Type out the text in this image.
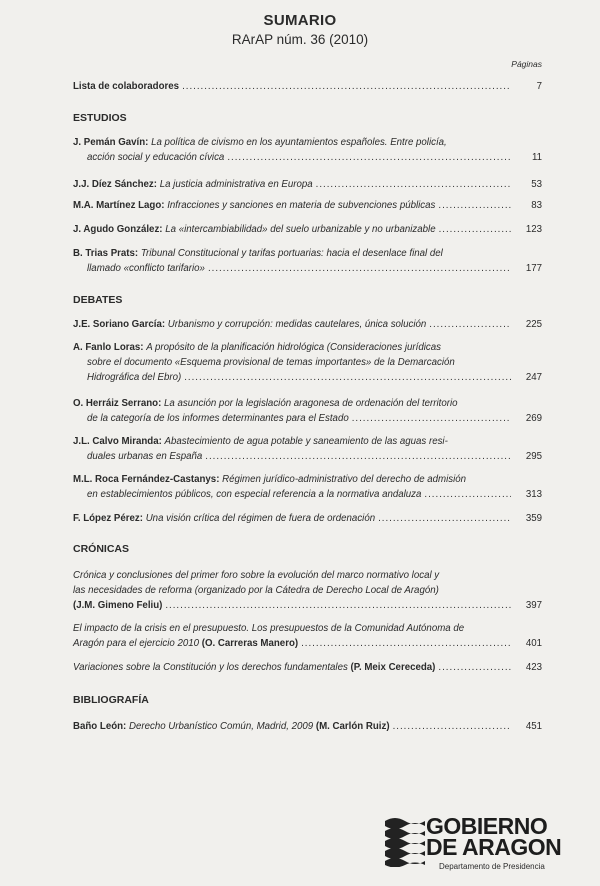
SUMARIO
RArAP núm. 36 (2010)
Páginas
Lista de colaboradores .....	7
ESTUDIOS
J. Pemán Gavín: La política de civismo en los ayuntamientos españoles. Entre policía,
acción social y educación cívica .....	11
J.J. Díez Sánchez: La justicia administrativa en Europa .....	53
M.A. Martínez Lago: Infracciones y sanciones en materia de subvenciones públicas .....	83
J. Agudo González: La «intercambiabilidad» del suelo urbanizable y no urbanizable .....	123
B. Trias Prats: Tribunal Constitucional y tarifas portuarias: hacia el desenlace final del
llamado «conflicto tarifario» .....	177
DEBATES
J.E. Soriano García: Urbanismo y corrupción: medidas cautelares, única solución .....	225
A. Fanlo Loras: A propósito de la planificación hidrológica (Consideraciones jurídicas
sobre el documento «Esquema provisional de temas importantes» de la Demarcación
Hidrográfica del Ebro) .....	247
O. Herráiz Serrano: La asunción por la legislación aragonesa de ordenación del territorio
de la categoría de los informes determinantes para el Estado .....	269
J.L. Calvo Miranda: Abastecimiento de agua potable y saneamiento de las aguas resi-
duales urbanas en España .....	295
M.L. Roca Fernández-Castanys: Régimen jurídico-administrativo del derecho de admisión
en establecimientos públicos, con especial referencia a la normativa andaluza .....	313
F. López Pérez: Una visión crítica del régimen de fuera de ordenación .....	359
CRÓNICAS
Crónica y conclusiones del primer foro sobre la evolución del marco normativo local y
las necesidades de reforma (organizado por la Cátedra de Derecho Local de Aragón)
(J.M. Gimeno Feliu) .....	397
El impacto de la crisis en el presupuesto. Los presupuestos de la Comunidad Autónoma de
Aragón para el ejercicio 2010 (O. Carreras Manero) .....	401
Variaciones sobre la Constitución y los derechos fundamentales (P. Meix Cereceda) .....	423
BIBLIOGRAFÍA
Baño León: Derecho Urbanístico Común, Madrid, 2009 (M. Carlón Ruiz) .....	451
GOBIERNO
DE ARAGON
Departamento de Presidencia
